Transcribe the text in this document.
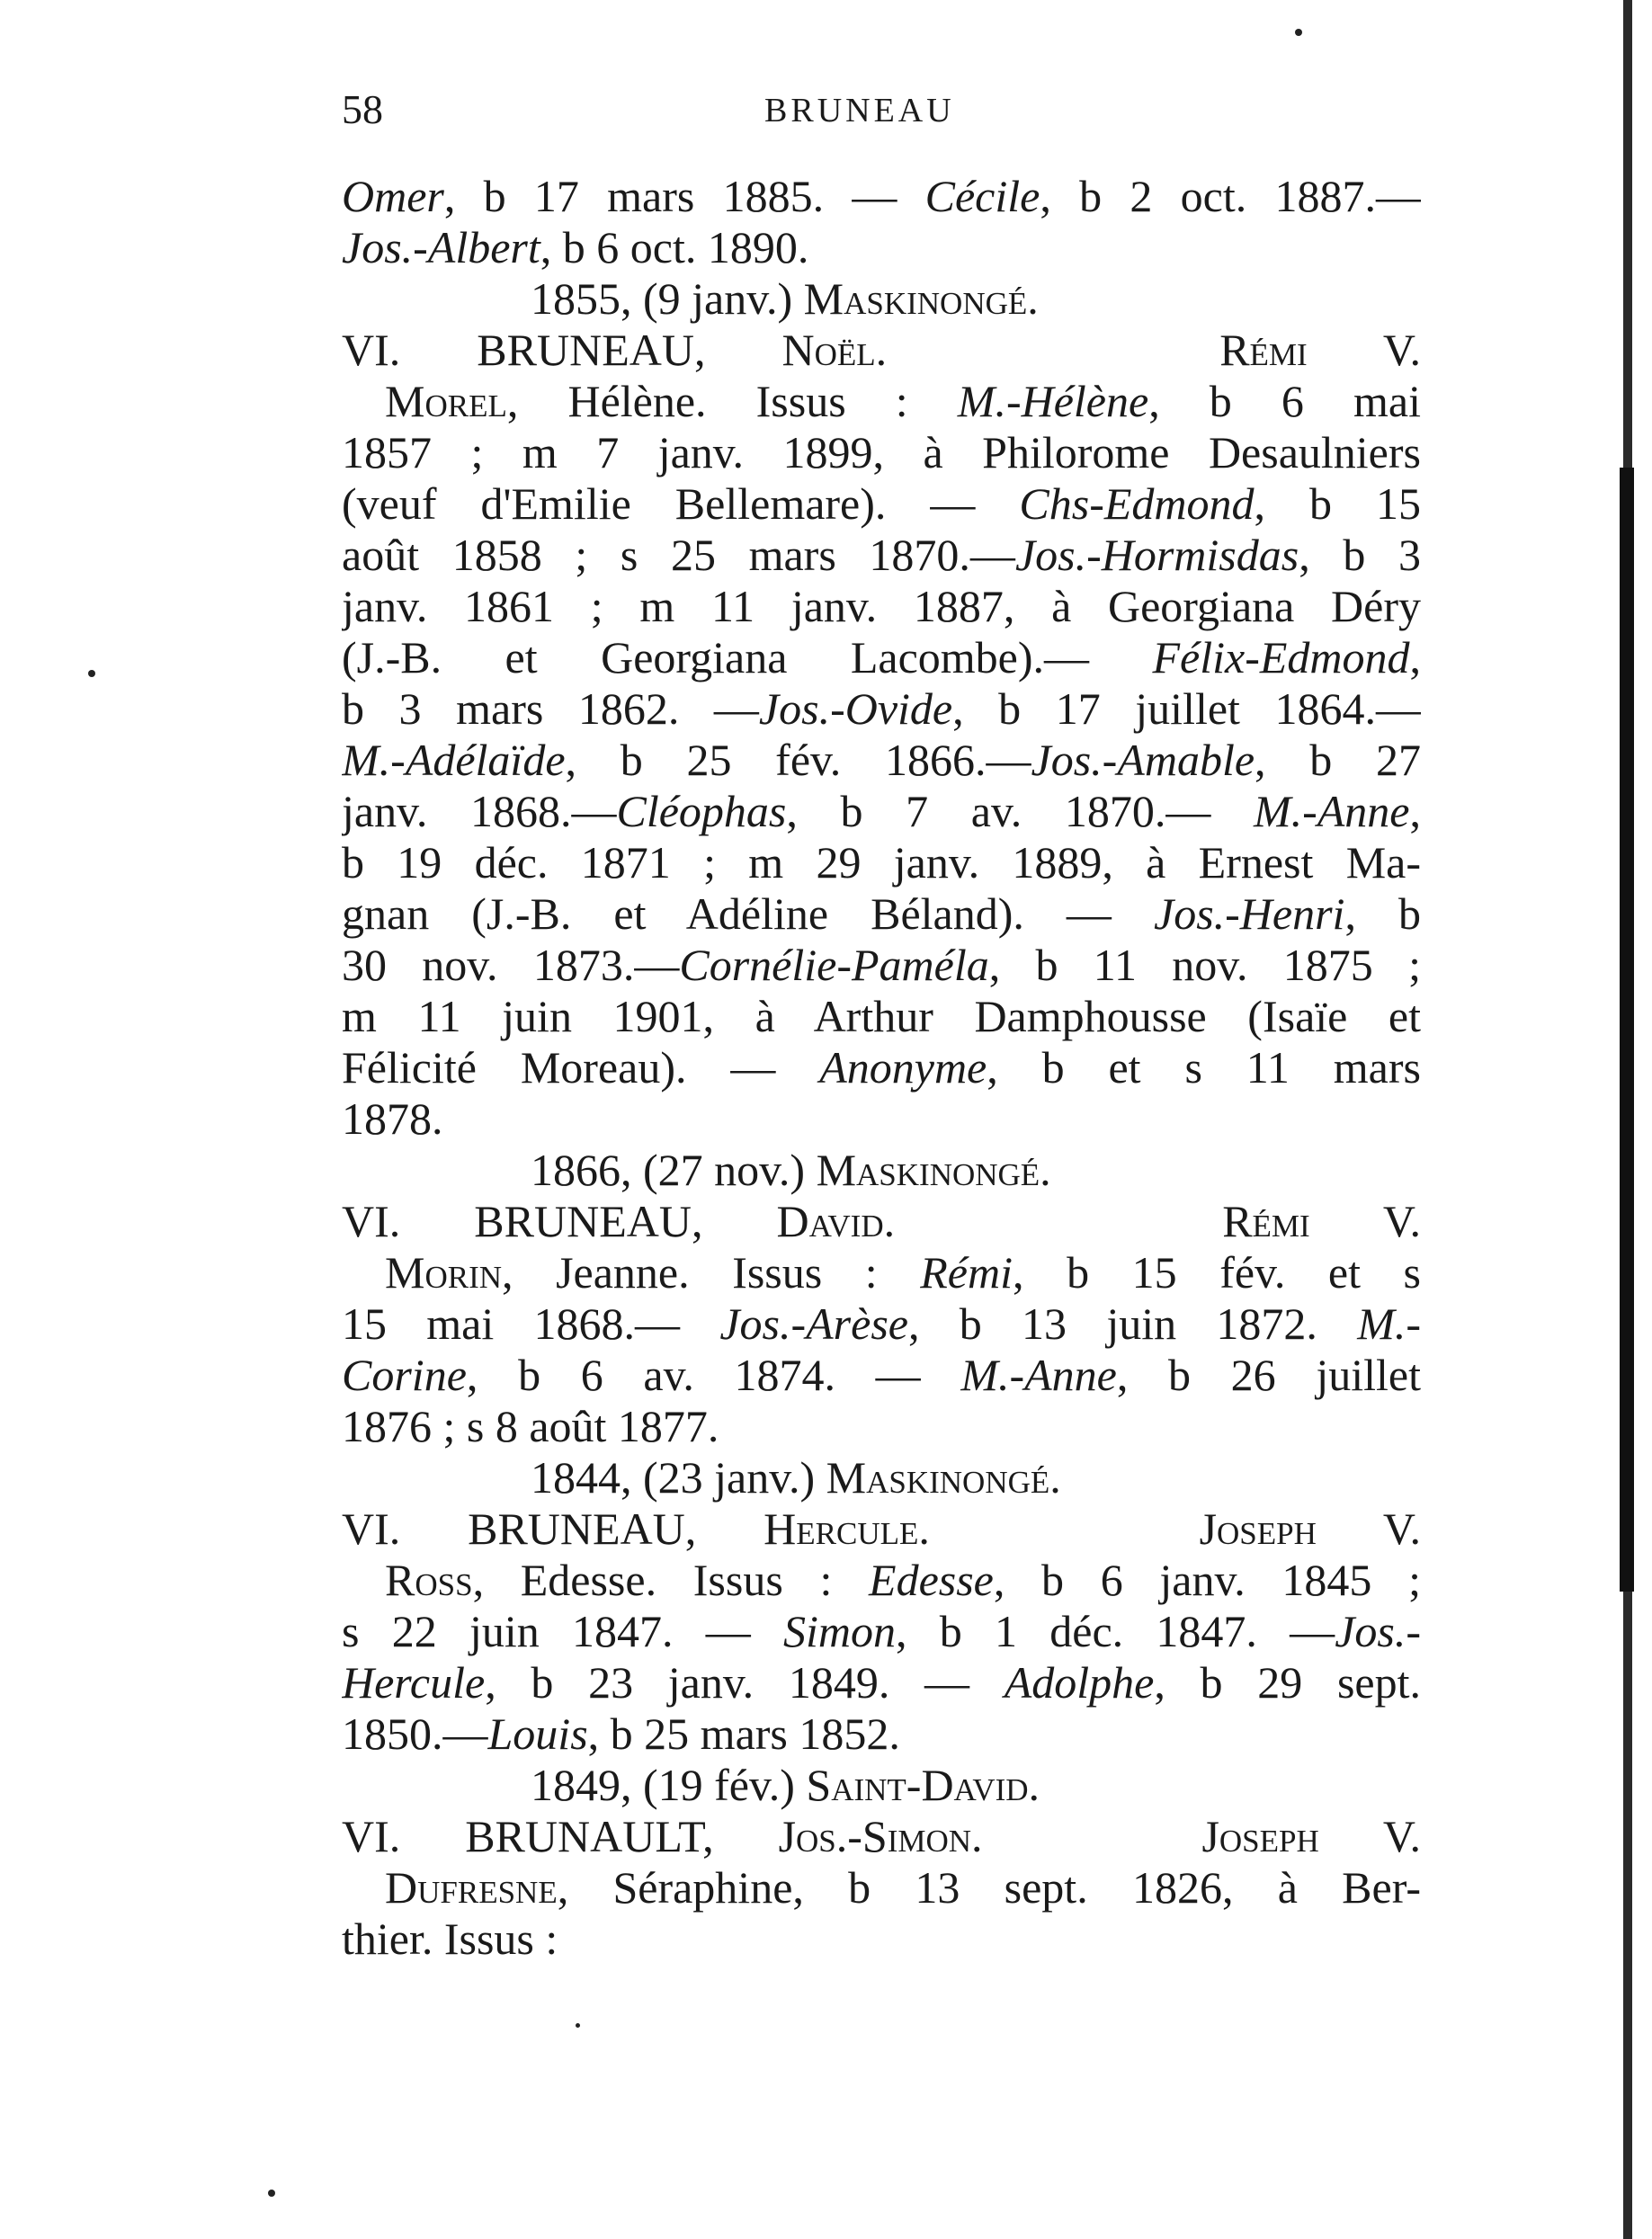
58	BRUNEAU
Omer, b 17 mars 1885. — Cécile, b 2 oct. 1887.—
Jos.-Albert, b 6 oct. 1890.
1855, (9 janv.) Maskinongé.
VI. BRUNEAU, Noël.     	Rémi V.
Morel, Hélène. Issus : M.-Hélène, b 6 mai
1857 ; m 7 janv. 1899, à Philorome Desaulniers
(veuf d'Emilie Bellemare). — Chs-Edmond, b 15
août 1858 ; s 25 mars 1870.—Jos.-Hormisdas, b 3
janv. 1861 ; m 11 janv. 1887, à Georgiana Déry
(J.-B. et Georgiana Lacombe).— Félix-Edmond,
b 3 mars 1862. —Jos.-Ovide, b 17 juillet 1864.—
M.-Adélaïde, b 25 fév. 1866.—Jos.-Amable, b 27
janv. 1868.—Cléophas, b 7 av. 1870.— M.-Anne,
b 19 déc. 1871 ; m 29 janv. 1889, à Ernest Ma-
gnan (J.-B. et Adéline Béland). — Jos.-Henri, b
30 nov. 1873.—Cornélie-Paméla, b 11 nov. 1875 ;
m 11 juin 1901, à Arthur Damphousse (Isaïe et
Félicité Moreau). — Anonyme, b et s 11 mars
1878.
1866, (27 nov.) Maskinongé.
VI. BRUNEAU, David.     	Rémi V.
Morin, Jeanne. Issus : Rémi, b 15 fév. et s
15 mai 1868.— Jos.-Arèse, b 13 juin 1872. M.-
Corine, b 6 av. 1874. — M.-Anne, b 26 juillet
1876 ; s 8 août 1877.
1844, (23 janv.) Maskinongé.
VI. BRUNEAU, Hercule.    	Joseph V.
Ross, Edesse. Issus : Edesse, b 6 janv. 1845 ;
s 22 juin 1847. — Simon, b 1 déc. 1847. —Jos.-
Hercule, b 23 janv. 1849. — Adolphe, b 29 sept.
1850.—Louis, b 25 mars 1852.
1849, (19 fév.) Saint-David.
VI. BRUNAULT, Jos.-Simon.   	Joseph V.
Dufresne, Séraphine, b 13 sept. 1826, à Ber-
thier. Issus :
